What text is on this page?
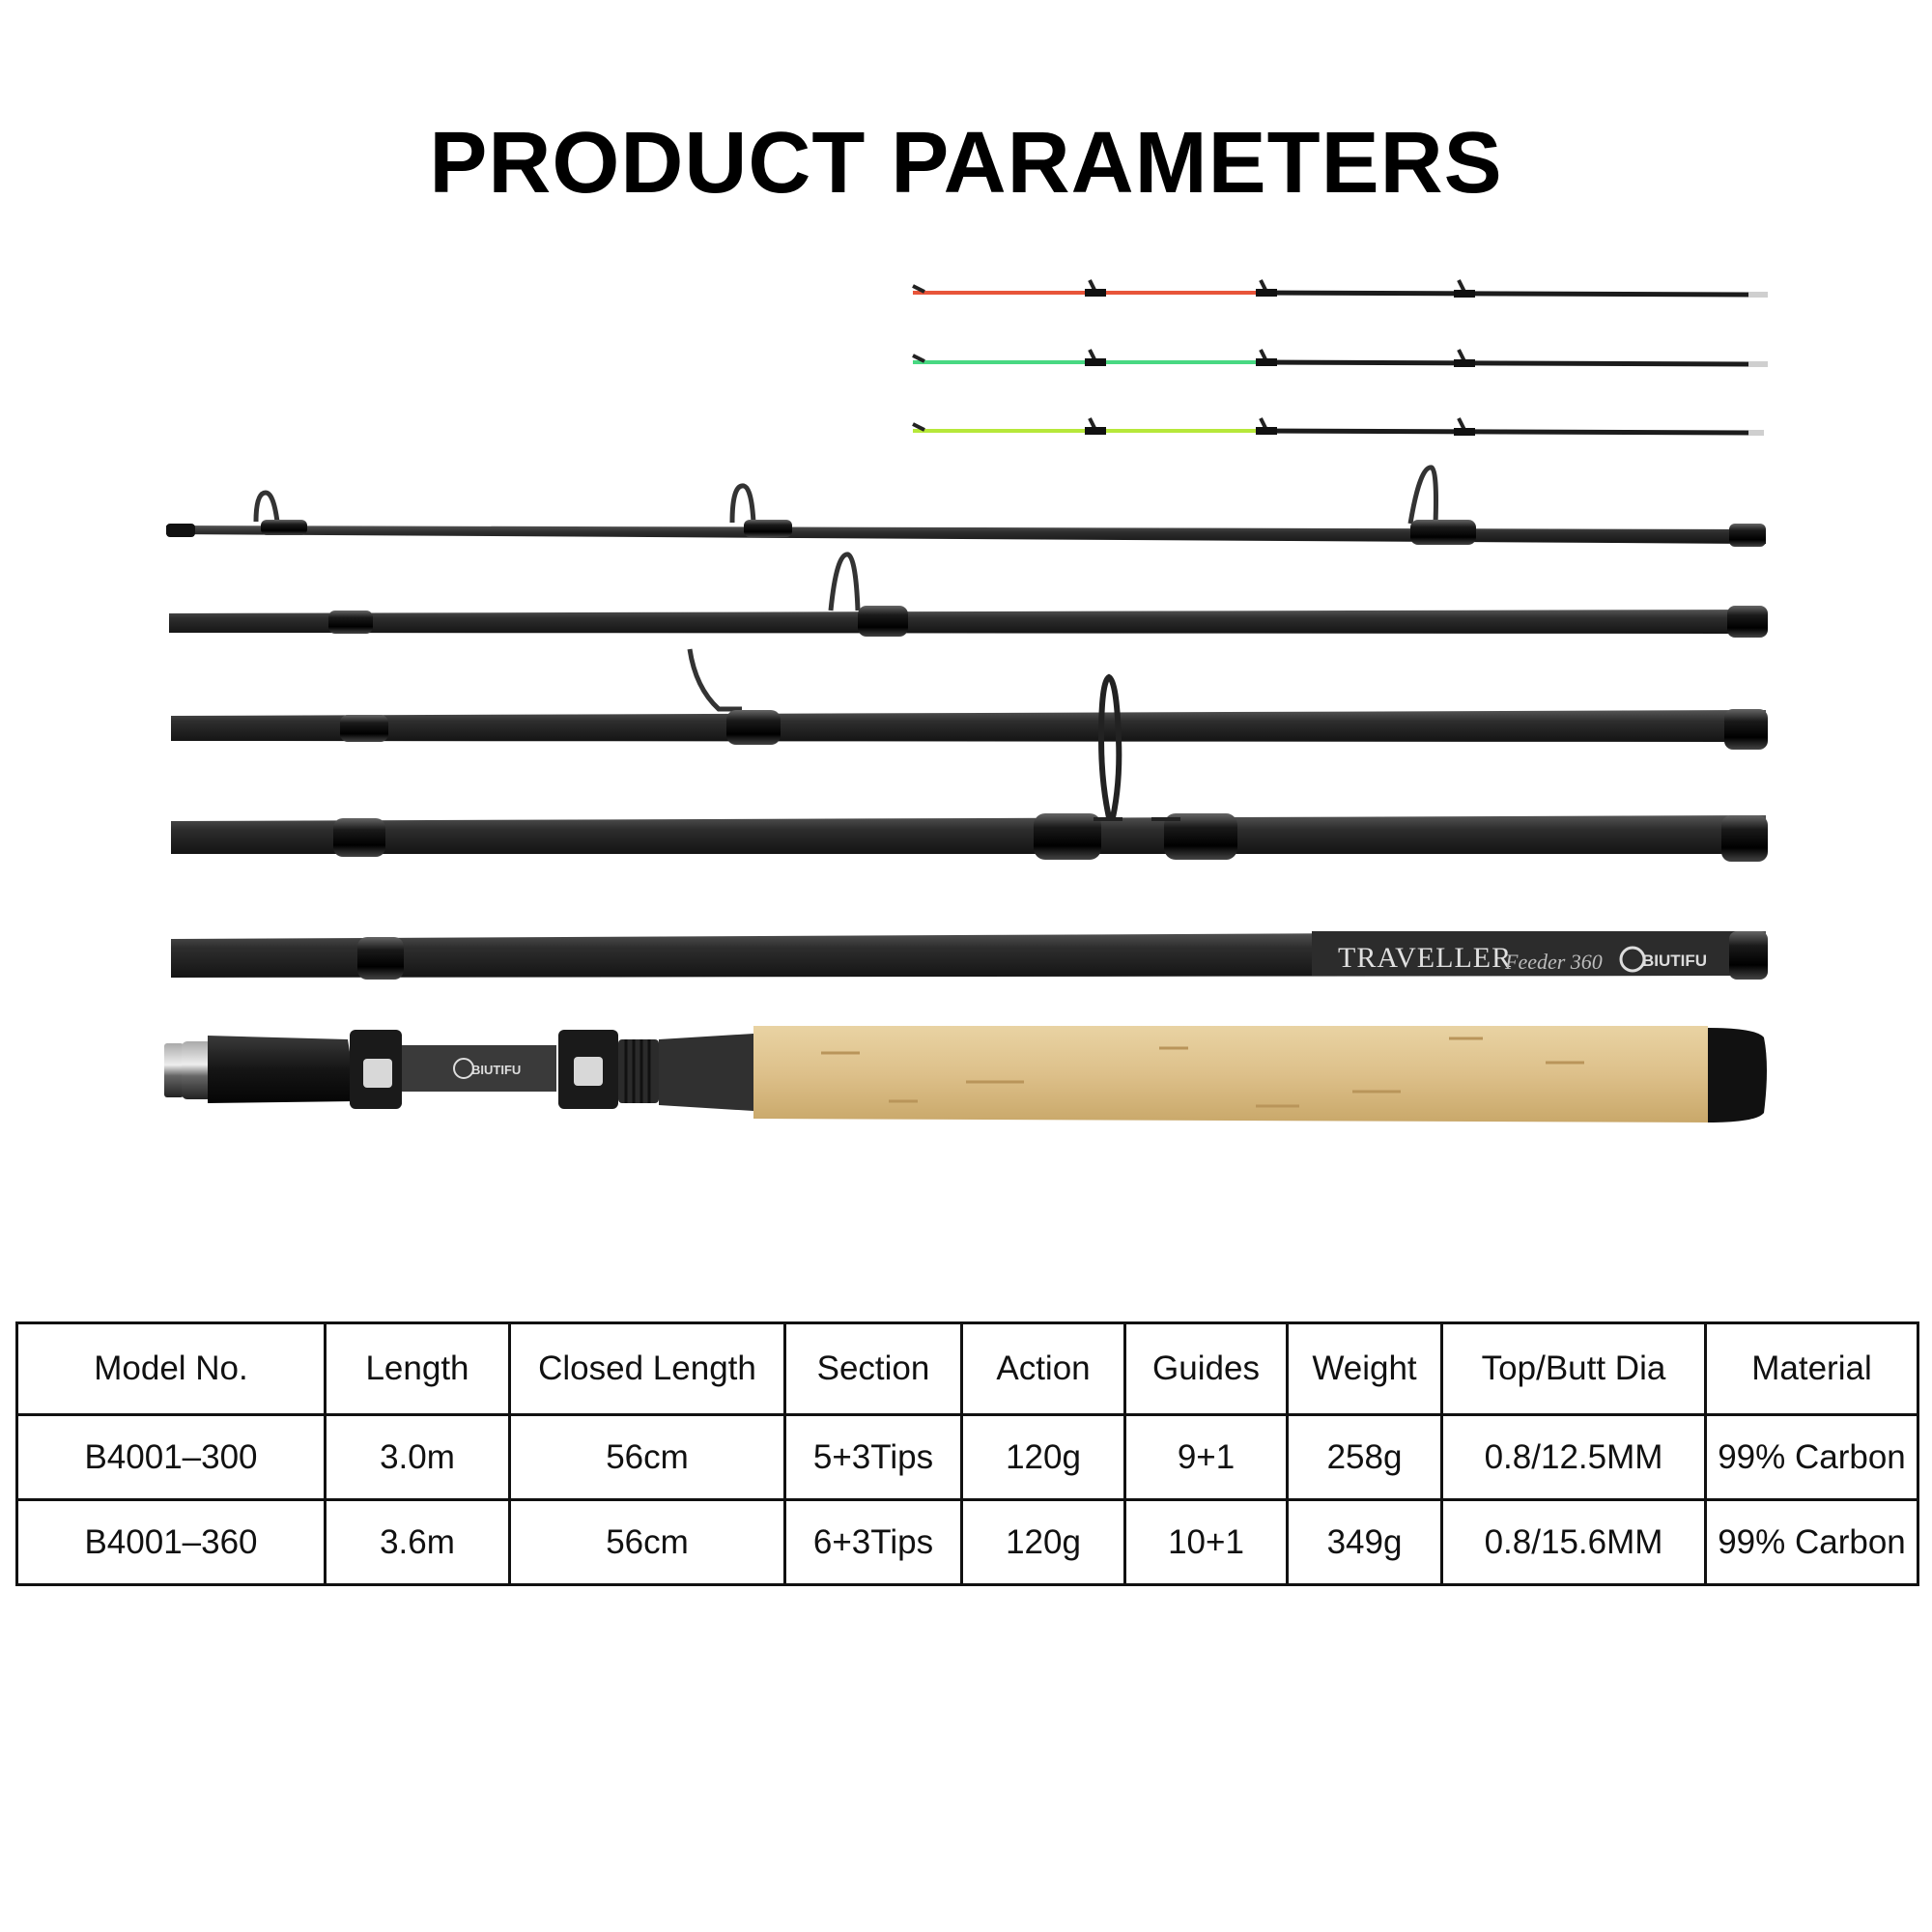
PRODUCT PARAMETERS
TRAVELLER
Feeder 360 BIUTIFU
BIUTIFU
Model No.	Length	Closed Length	Section	Action	Guides	Weight	Top/Butt Dia	Material
B4001–300	3.0m	56cm	5+3Tips	120g	9+1	258g	0.8/12.5MM	99% Carbon
B4001–360	3.6m	56cm	6+3Tips	120g	10+1	349g	0.8/15.6MM	99% Carbon
